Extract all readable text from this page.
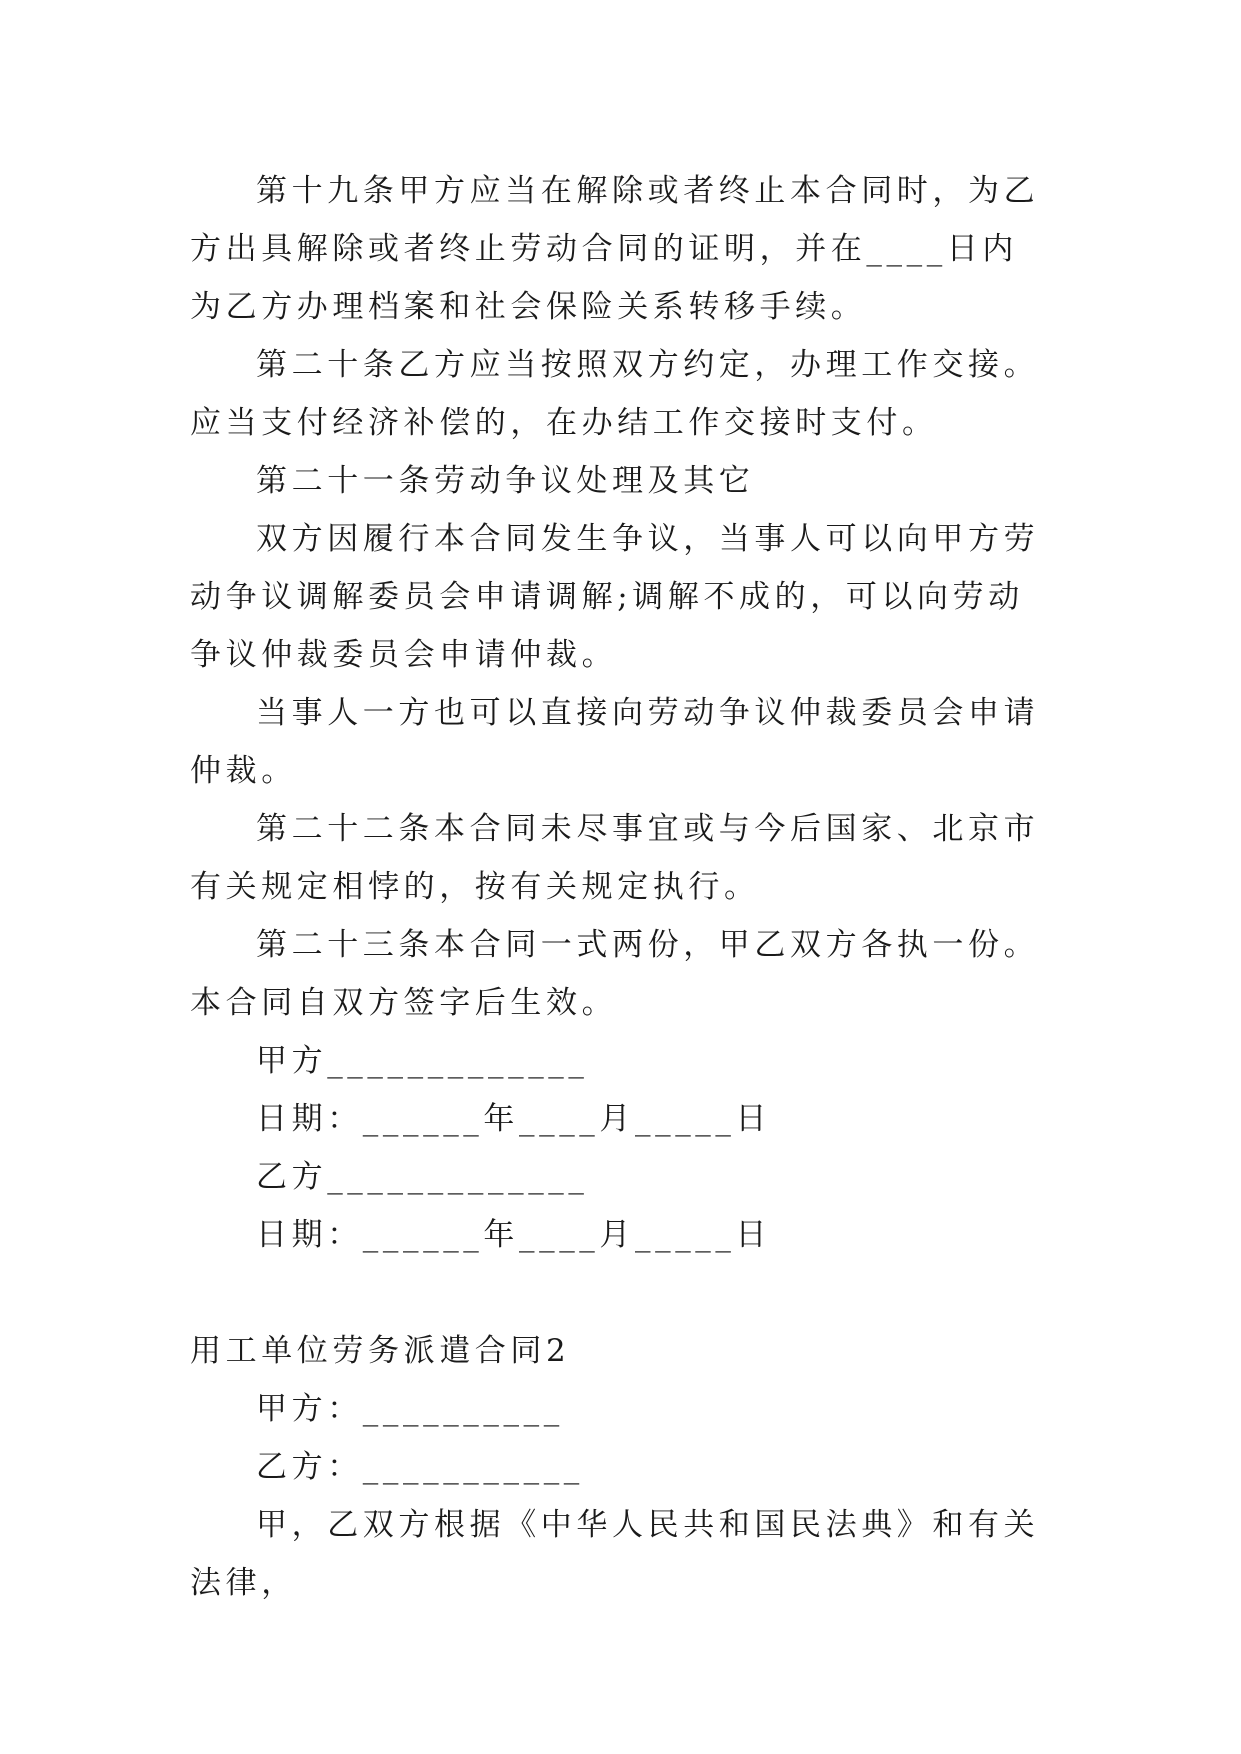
第十九条甲方应当在解除或者终止本合同时，为乙方出具解除或者终止劳动合同的证明，并在____日内为乙方办理档案和社会保险关系转移手续。

第二十条乙方应当按照双方约定，办理工作交接。应当支付经济补偿的，在办结工作交接时支付。

第二十一条劳动争议处理及其它

双方因履行本合同发生争议，当事人可以向甲方劳动争议调解委员会申请调解;调解不成的，可以向劳动争议仲裁委员会申请仲裁。

当事人一方也可以直接向劳动争议仲裁委员会申请仲裁。

第二十二条本合同未尽事宜或与今后国家、北京市有关规定相悖的，按有关规定执行。

第二十三条本合同一式两份，甲乙双方各执一份。本合同自双方签字后生效。

甲方_____________

日期：______年____月_____日

乙方_____________

日期：______年____月_____日

用工单位劳务派遣合同2

甲方：__________

乙方：___________

甲，乙双方根据《中华人民共和国民法典》和有关法律，
